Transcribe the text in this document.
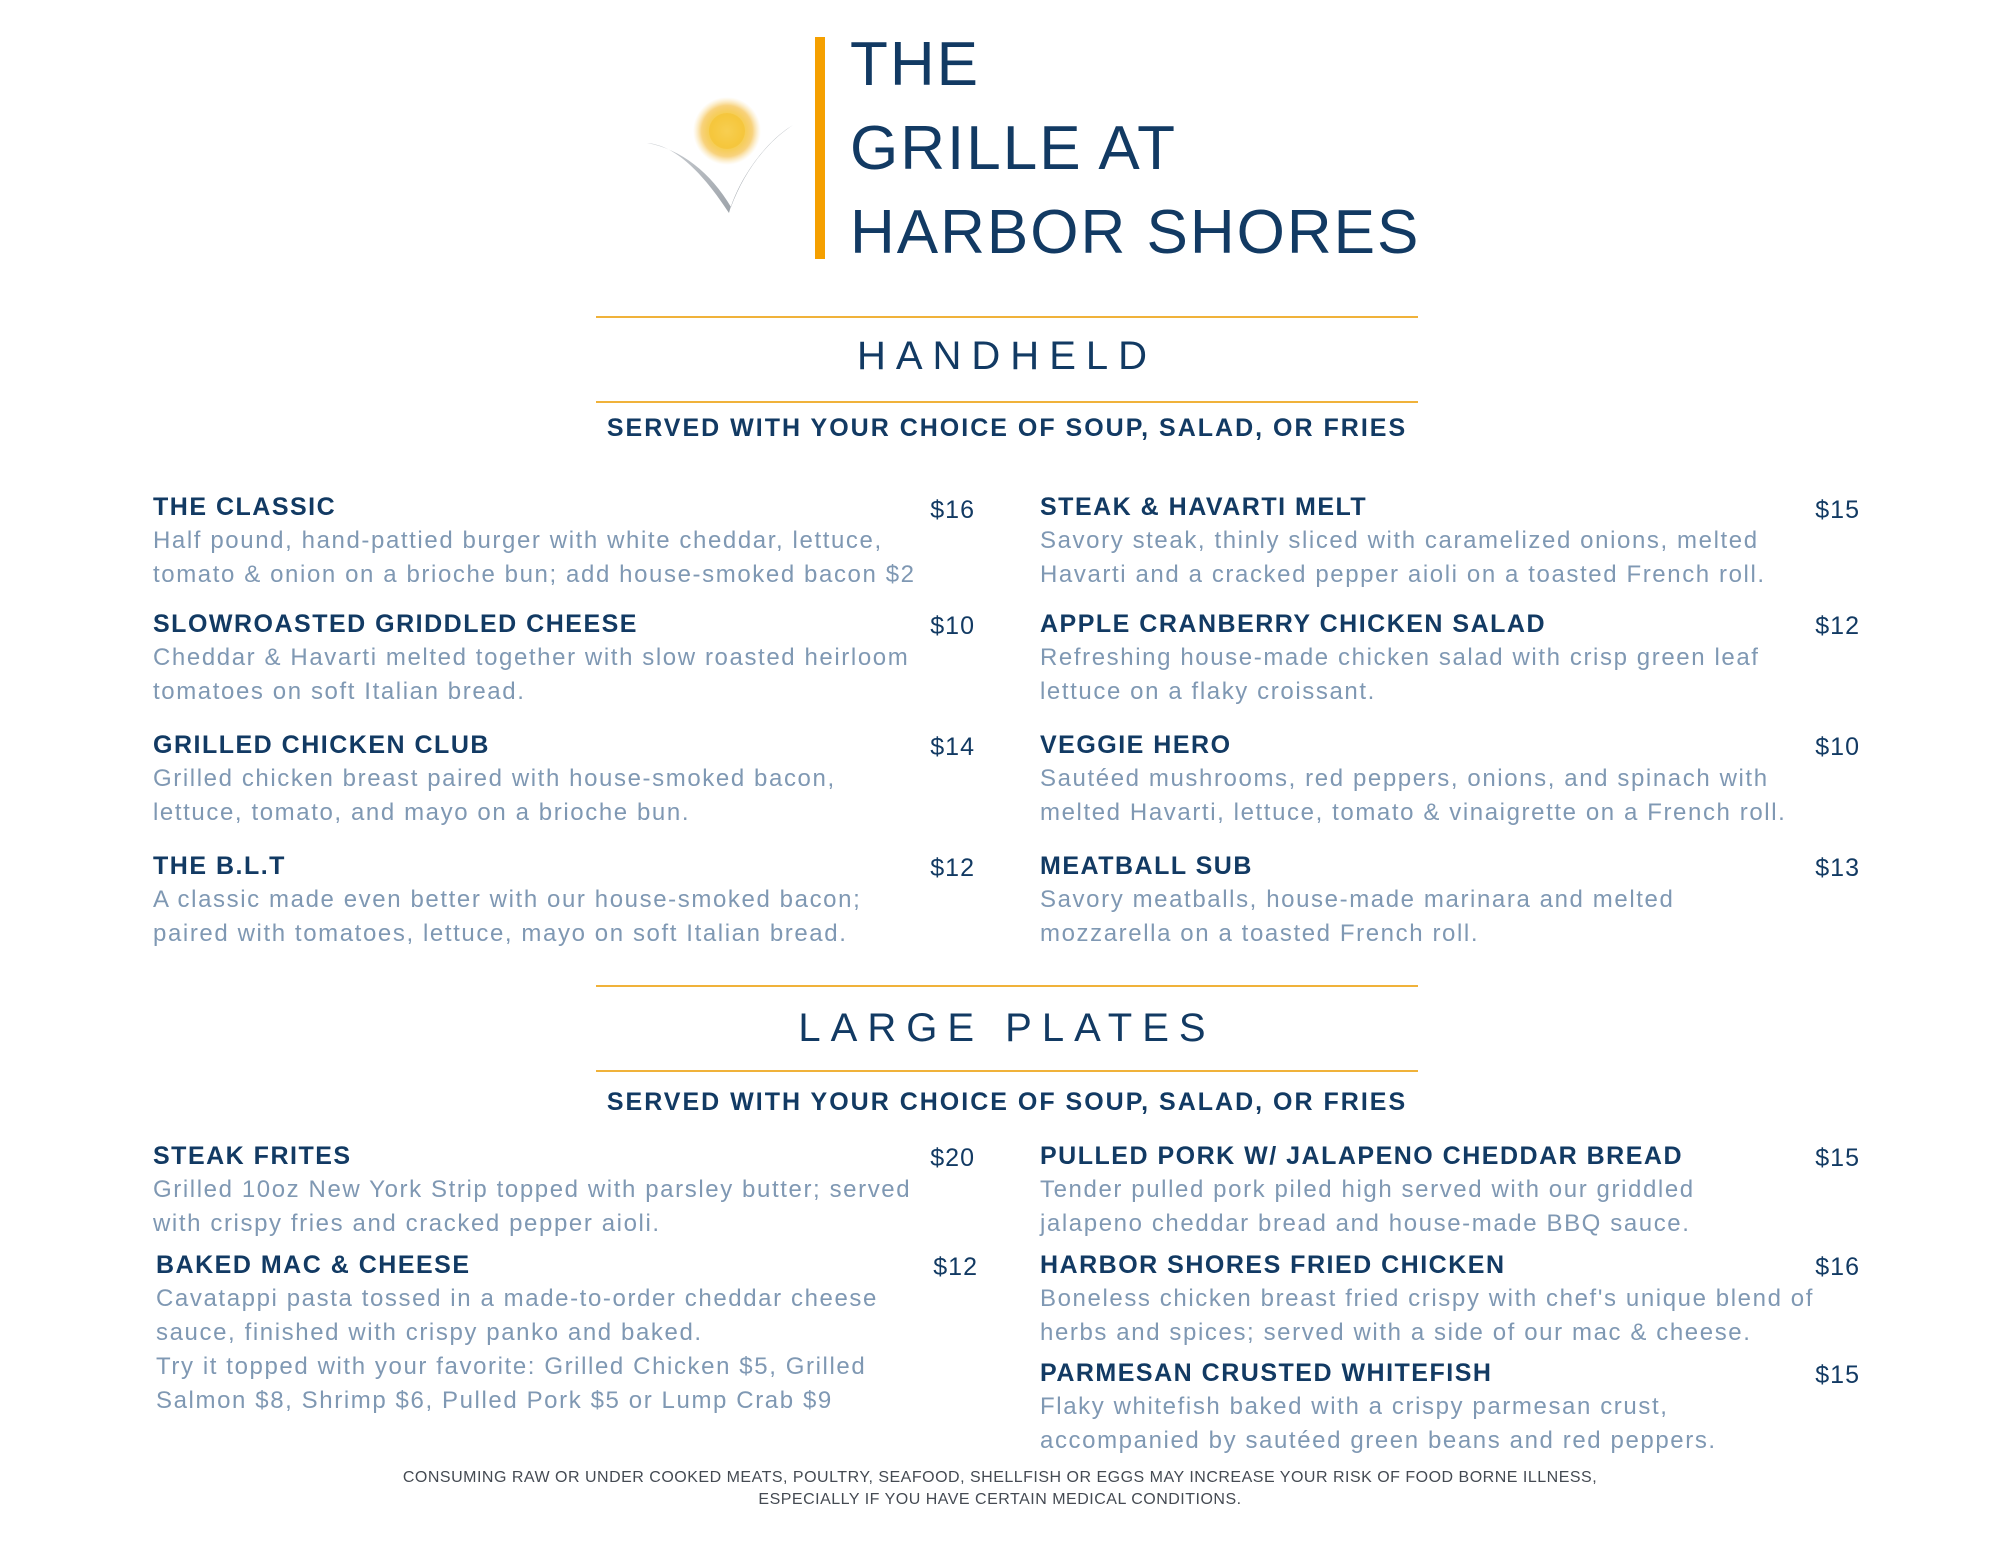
THE
GRILLE AT
HARBOR SHORES
HANDHELD
SERVED WITH YOUR CHOICE OF SOUP, SALAD, OR FRIES
THE CLASSIC	$16
Half pound, hand-pattied burger with white cheddar, lettuce,
tomato & onion on a brioche bun; add house-smoked bacon $2
SLOWROASTED GRIDDLED CHEESE	$10
Cheddar & Havarti melted together with slow roasted heirloom
tomatoes on soft Italian bread.
GRILLED CHICKEN CLUB	$14
Grilled chicken breast paired with house-smoked bacon,
lettuce, tomato, and mayo on a brioche bun.
THE B.L.T	$12
A classic made even better with our house-smoked bacon;
paired with tomatoes, lettuce, mayo on soft Italian bread.
STEAK & HAVARTI MELT	$15
Savory steak, thinly sliced with caramelized onions, melted
Havarti and a cracked pepper aioli on a toasted French roll.
APPLE CRANBERRY CHICKEN SALAD	$12
Refreshing house-made chicken salad with crisp green leaf
lettuce on a flaky croissant.
VEGGIE HERO	$10
Sautéed mushrooms, red peppers, onions, and spinach with
melted Havarti, lettuce, tomato & vinaigrette on a French roll.
MEATBALL SUB	$13
Savory meatballs, house-made marinara and melted
mozzarella on a toasted French roll.
LARGE PLATES
SERVED WITH YOUR CHOICE OF SOUP, SALAD, OR FRIES
STEAK FRITES	$20
Grilled 10oz New York Strip topped with parsley butter; served
with crispy fries and cracked pepper aioli.
BAKED MAC & CHEESE	$12
Cavatappi pasta tossed in a made-to-order cheddar cheese
sauce, finished with crispy panko and baked.
Try it topped with your favorite: Grilled Chicken $5, Grilled
Salmon $8, Shrimp $6, Pulled Pork $5 or Lump Crab $9
PULLED PORK W/ JALAPENO CHEDDAR BREAD	$15
Tender pulled pork piled high served with our griddled
jalapeno cheddar bread and house-made BBQ sauce.
HARBOR SHORES FRIED CHICKEN	$16
Boneless chicken breast fried crispy with chef's unique blend of
herbs and spices; served with a side of our mac & cheese.
PARMESAN CRUSTED WHITEFISH	$15
Flaky whitefish baked with a crispy parmesan crust,
accompanied by sautéed green beans and red peppers.
CONSUMING RAW OR UNDER COOKED MEATS, POULTRY, SEAFOOD, SHELLFISH OR EGGS MAY INCREASE YOUR RISK OF FOOD BORNE ILLNESS,
ESPECIALLY IF YOU HAVE CERTAIN MEDICAL CONDITIONS.
